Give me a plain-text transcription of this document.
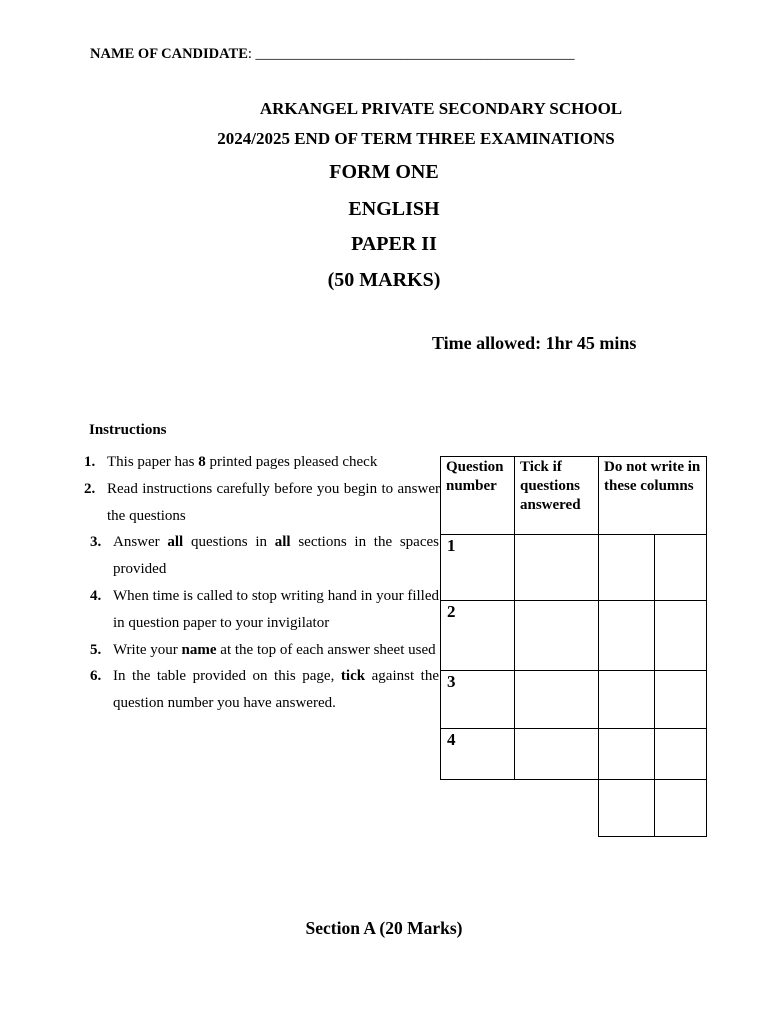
NAME OF CANDIDATE: ____________________________________________
ARKANGEL PRIVATE SECONDARY SCHOOL
2024/2025 END OF TERM THREE EXAMINATIONS
FORM ONE
ENGLISH
PAPER II
(50 MARKS)
Time allowed: 1hr 45 mins
Instructions
1. This paper has 8 printed pages pleased check
2. Read instructions carefully before you begin to answer the questions
3. Answer all questions in all sections in the spaces provided
4. When time is called to stop writing hand in your filled in question paper to your invigilator
5. Write your name at the top of each answer sheet used
6. In the table provided on this page, tick against the question number you have answered.
Question number	Tick if questions answered	Do not write in these columns	
1			
2			
3			
4			

Section A (20 Marks)
